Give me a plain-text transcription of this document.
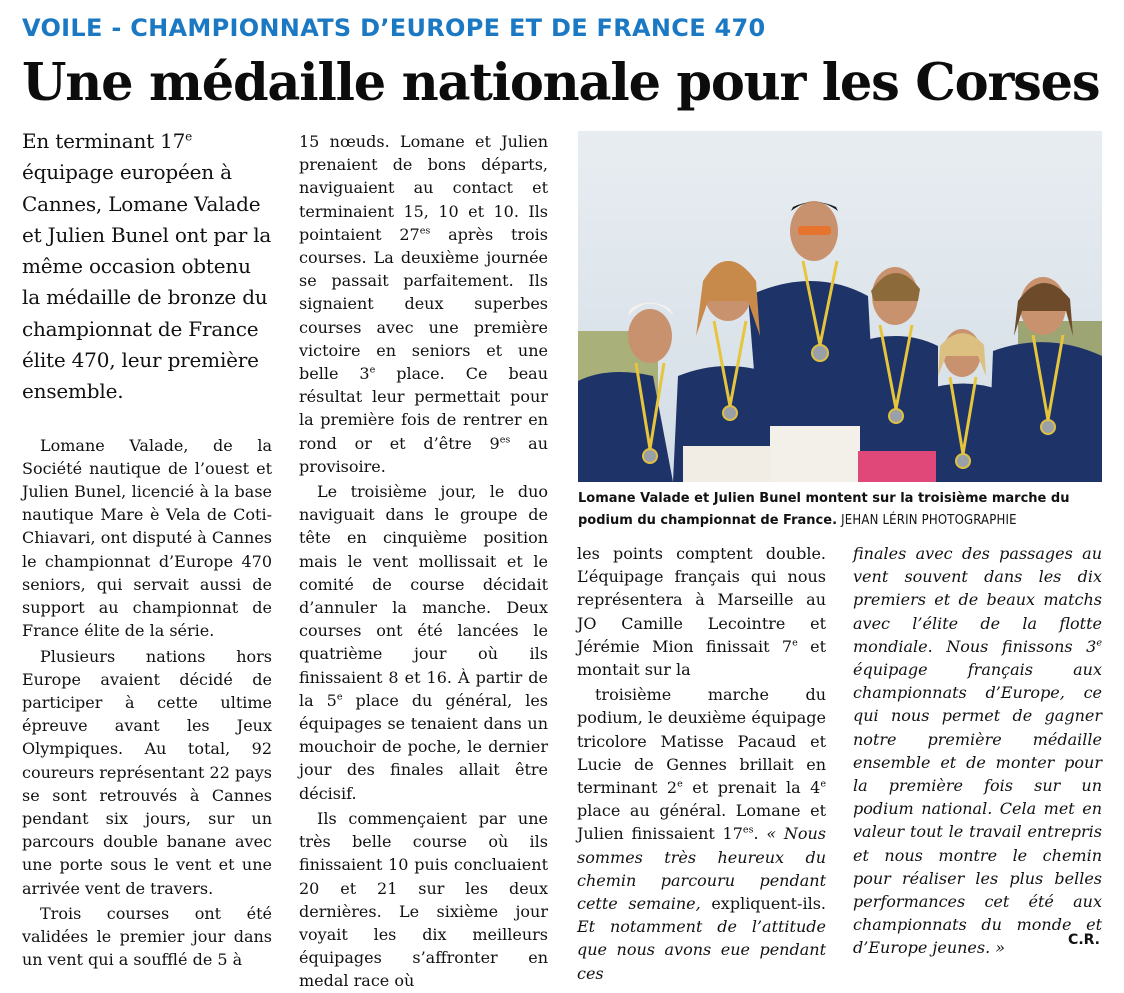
VOILE - CHAMPIONNATS D’EUROPE ET DE FRANCE 470
Une médaille nationale pour les Corses

En terminant 17e équipage européen à Cannes, Lomane Valade et Julien Bunel ont par la même occasion obtenu la médaille de bronze du championnat de France élite 470, leur première ensemble.

Lomane Valade, de la Société nautique de l’ouest et Julien Bunel, licencié à la base nautique Mare è Vela de Coti-Chiavari, ont disputé à Cannes le championnat d’Europe 470 seniors, qui servait aussi de support au championnat de France élite de la série.

Plusieurs nations hors Europe avaient décidé de participer à cette ultime épreuve avant les Jeux Olympiques. Au total, 92 coureurs représentant 22 pays se sont retrouvés à Cannes pendant six jours, sur un parcours double banane avec une porte sous le vent et une arrivée vent de travers.

Trois courses ont été validées le premier jour dans un vent qui a soufflé de 5 à

15 nœuds. Lomane et Julien prenaient de bons départs, naviguaient au contact et terminaient 15, 10 et 10. Ils pointaient $27^{es}$ après trois courses. La deuxième journée se passait parfaitement. Ils signaient deux superbes courses avec une première victoire en seniors et une belle 3e place. Ce beau résultat leur permettait pour la première fois de rentrer en rond or et d’être $9^{es}$ au provisoire.

Le troisième jour, le duo naviguait dans le groupe de tête en cinquième position mais le vent mollissait et le comité de course décidait d’annuler la manche. Deux courses ont été lancées le quatrième jour où ils finissaient 8 et 16. À partir de la 5e place du général, les équipages se tenaient dans un mouchoir de poche, le dernier jour des finales allait être décisif.

Ils commençaient par une très belle course où ils finissaient 10 puis concluaient 20 et 21 sur les deux dernières. Le sixième jour voyait les dix meilleurs équipages s’affronter en medal race où

Lomane Valade et Julien Bunel montent sur la troisième marche du podium du championnat de France. JEHAN LÉRIN PHOTOGRAPHIE

les points comptent double. L’équipage français qui nous représentera à Marseille au JO Camille Lecointre et Jérémie Mion finissait 7e et montait sur la

troisième marche du podium, le deuxième équipage tricolore Matisse Pacaud et Lucie de Gennes brillait en terminant 2e et prenait la 4e place au général. Lomane et Julien finissaient $17^{es}$. « Nous sommes très heureux du chemin parcouru pendant cette semaine, expliquent-ils. Et notamment de l’attitude que nous avons eue pendant ces

finales avec des passages au vent souvent dans les dix premiers et de beaux matchs avec l’élite de la flotte mondiale. Nous finissons 3e équipage français aux championnats d’Europe, ce qui nous permet de gagner notre première médaille ensemble et de monter pour la première fois sur un podium national. Cela met en valeur tout le travail entrepris et nous montre le chemin pour réaliser les plus belles performances cet été aux championnats du monde et d’Europe jeunes. »	C.R.
